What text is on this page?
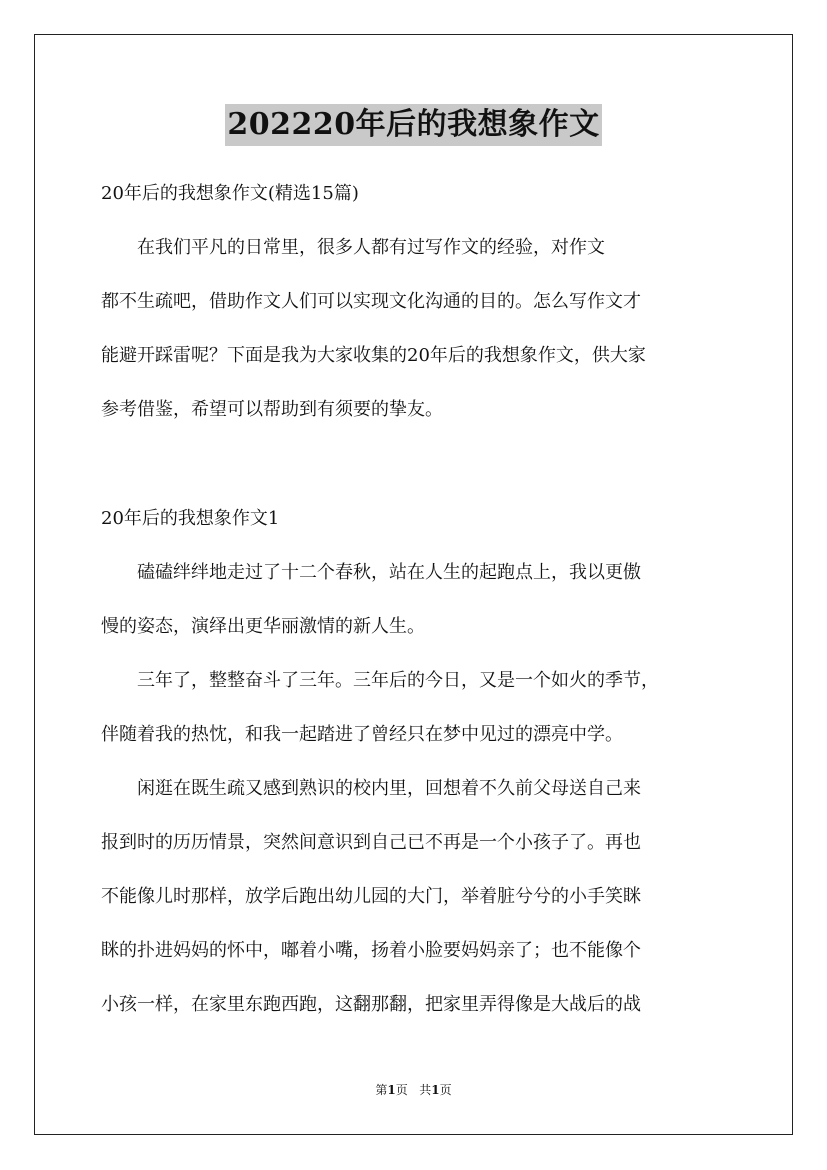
202220年后的我想象作文
20年后的我想象作文(精选15篇)
　　在我们平凡的日常里，很多人都有过写作文的经验，对作文
都不生疏吧，借助作文人们可以实现文化沟通的目的。怎么写作文才
能避开踩雷呢？下面是我为大家收集的20年后的我想象作文，供大家
参考借鉴，希望可以帮助到有须要的挚友。
20年后的我想象作文1
　　磕磕绊绊地走过了十二个春秋，站在人生的起跑点上，我以更傲
慢的姿态，演绎出更华丽激情的新人生。
　　三年了，整整奋斗了三年。三年后的今日，又是一个如火的季节，
伴随着我的热忱，和我一起踏进了曾经只在梦中见过的漂亮中学。
　　闲逛在既生疏又感到熟识的校内里，回想着不久前父母送自己来
报到时的历历情景，突然间意识到自己已不再是一个小孩子了。再也
不能像儿时那样，放学后跑出幼儿园的大门，举着脏兮兮的小手笑眯
眯的扑进妈妈的怀中，嘟着小嘴，扬着小脸要妈妈亲了；也不能像个
小孩一样，在家里东跑西跑，这翻那翻，把家里弄得像是大战后的战
第1页 共1页
